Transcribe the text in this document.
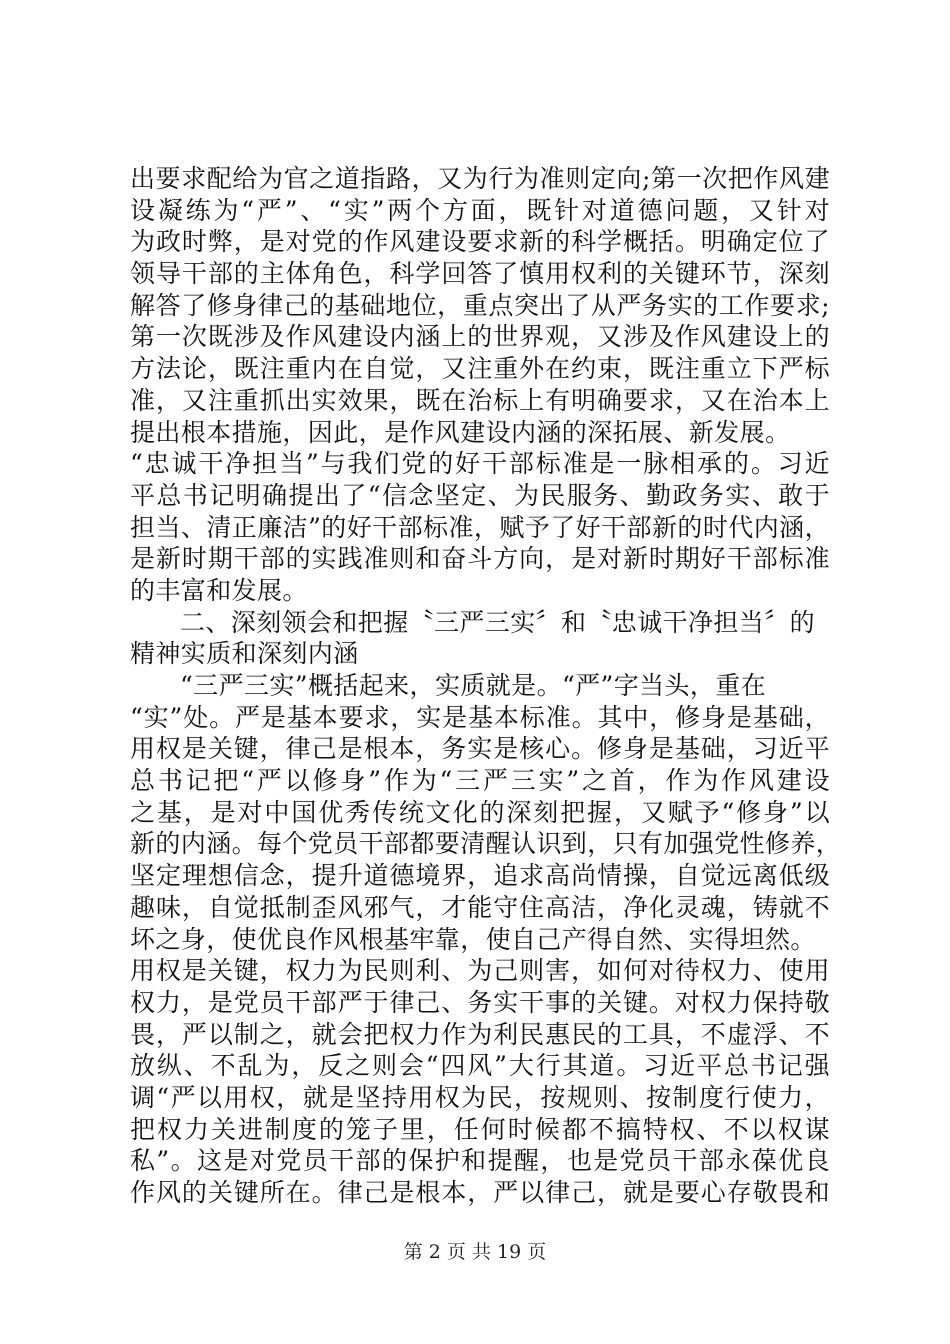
出要求配给为官之道指路，又为行为准则定向;第一次把作风建
设凝练为“严”、“实”两个方面，既针对道德问题，又针对
为政时弊，是对党的作风建设要求新的科学概括。明确定位了
领导干部的主体角色，科学回答了慎用权利的关键环节，深刻
解答了修身律己的基础地位，重点突出了从严务实的工作要求;
第一次既涉及作风建设内涵上的世界观，又涉及作风建设上的
方法论，既注重内在自觉，又注重外在约束，既注重立下严标
准，又注重抓出实效果，既在治标上有明确要求，又在治本上
提出根本措施，因此，是作风建设内涵的深拓展、新发展。
“忠诚干净担当”与我们党的好干部标准是一脉相承的。习近
平总书记明确提出了“信念坚定、为民服务、勤政务实、敢于
担当、清正廉洁”的好干部标准，赋予了好干部新的时代内涵，
是新时期干部的实践准则和奋斗方向，是对新时期好干部标准
的丰富和发展。
二、深刻领会和把握〝三严三实〞和〝忠诚干净担当〞的
精神实质和深刻内涵
“三严三实”概括起来，实质就是。“严”字当头，重在
“实”处。严是基本要求，实是基本标准。其中，修身是基础，
用权是关键，律己是根本，务实是核心。修身是基础，习近平
总书记把“严以修身”作为“三严三实”之首，作为作风建设
之基，是对中国优秀传统文化的深刻把握，又赋予“修身”以
新的内涵。每个党员干部都要清醒认识到，只有加强党性修养，
坚定理想信念，提升道德境界，追求高尚情操，自觉远离低级
趣味，自觉抵制歪风邪气，才能守住高洁，净化灵魂，铸就不
坏之身，使优良作风根基牢靠，使自己产得自然、实得坦然。
用权是关键，权力为民则利、为己则害，如何对待权力、使用
权力，是党员干部严于律己、务实干事的关键。对权力保持敬
畏，严以制之，就会把权力作为利民惠民的工具，不虚浮、不
放纵、不乱为，反之则会“四风”大行其道。习近平总书记强
调“严以用权，就是坚持用权为民，按规则、按制度行使力，
把权力关进制度的笼子里，任何时候都不搞特权、不以权谋
私”。这是对党员干部的保护和提醒，也是党员干部永葆优良
作风的关键所在。律己是根本，严以律己，就是要心存敬畏和
第 2 页 共 19 页
